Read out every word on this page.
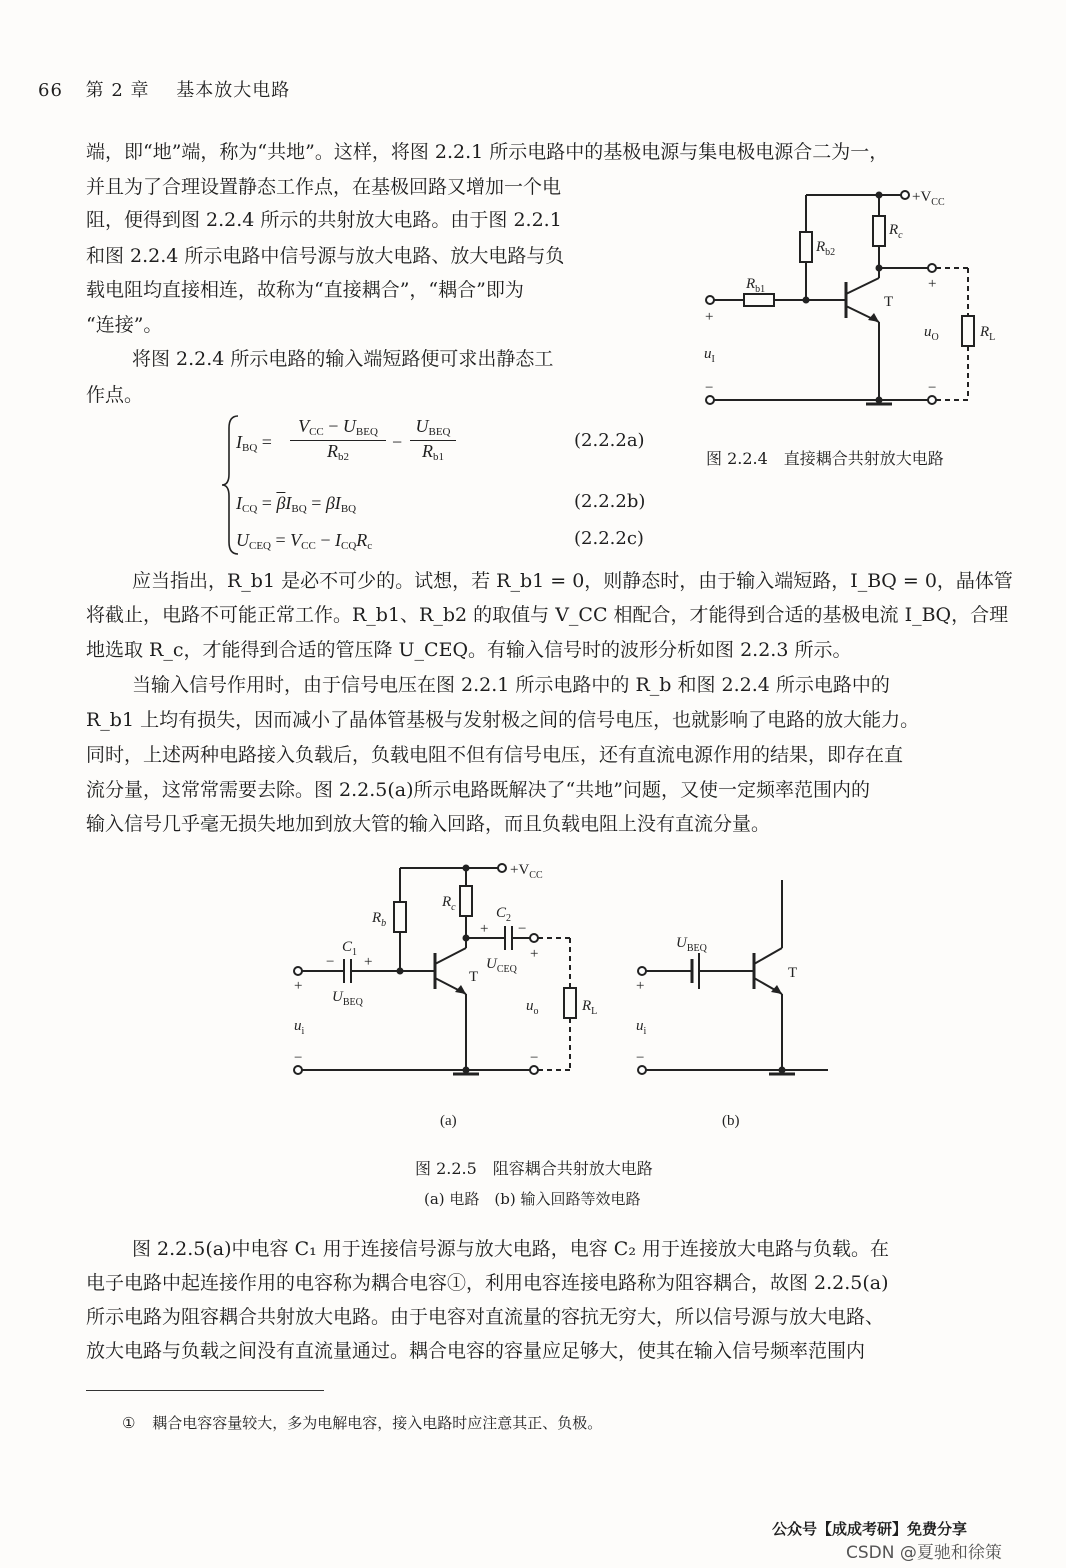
66 第 2 章 基本放大电路
端，即“地”端，称为“共地”。这样，将图 2.2.1 所示电路中的基极电源与集电极电源合二为一，
并且为了合理设置静态工作点，在基极回路又增加一个电
阻，便得到图 2.2.4 所示的共射放大电路。由于图 2.2.1
和图 2.2.4 所示电路中信号源与放大电路、放大电路与负
载电阻均直接相连，故称为“直接耦合”，“耦合”即为
“连接”。
将图 2.2.4 所示电路的输入端短路便可求出静态工
作点。
$+V_{CC}$
$R_{b2}$
$R_c$
$R_{b1}$
T
$R_L$
$u_I$
$u_O$
+
+
−	−
图 2.2.4　直接耦合共射放大电路
$I_{BQ}$ =
$V_{CC} - U_{BEQ}$
$R_{b2}$
−
$U_{BEQ}$
$R_{b1}$
(2.2.2a)
$I_{CQ} = \overline{\beta}I_{BQ} = \beta I_{BQ}$	(2.2.2b)
$U_{CEQ} = V_{CC} - I_{CQ}R_c$	(2.2.2c)
应当指出，R_b1 是必不可少的。试想，若 R_b1 = 0，则静态时，由于输入端短路，I_BQ = 0，晶体管
将截止，电路不可能正常工作。R_b1、R_b2 的取值与 V_CC 相配合，才能得到合适的基极电流 I_BQ，合理
地选取 R_c，才能得到合适的管压降 U_CEQ。有输入信号时的波形分析如图 2.2.3 所示。
当输入信号作用时，由于信号电压在图 2.2.1 所示电路中的 R_b 和图 2.2.4 所示电路中的
R_b1 上均有损失，因而减小了晶体管基极与发射极之间的信号电压，也就影响了电路的放大能力。
同时，上述两种电路接入负载后，负载电阻不但有信号电压，还有直流电源作用的结果，即存在直
流分量，这常常需要去除。图 2.2.5(a)所示电路既解决了“共地”问题，又使一定频率范围内的
输入信号几乎毫无损失地加到放大管的输入回路，而且负载电阻上没有直流分量。
$+V_{CC}$
$R_b$
$R_c$
$C_1$
$C_2$
$U_{BEQ}$
$U_{CEQ}$
T
$R_L$
$u_i$
$u_o$
+
−
+
−
− +
+ −
$U_{BEQ}$
T
+
$u_i$
−
(a)	(b)
图 2.2.5　阻容耦合共射放大电路
(a) 电路　(b) 输入回路等效电路
图 2.2.5(a)中电容 C₁ 用于连接信号源与放大电路，电容 C₂ 用于连接放大电路与负载。在
电子电路中起连接作用的电容称为耦合电容①，利用电容连接电路称为阻容耦合，故图 2.2.5(a)
所示电路为阻容耦合共射放大电路。由于电容对直流量的容抗无穷大，所以信号源与放大电路、
放大电路与负载之间没有直流量通过。耦合电容的容量应足够大，使其在输入信号频率范围内
① 耦合电容容量较大，多为电解电容，接入电路时应注意其正、负极。
公众号【成成考研】免费分享
CSDN @夏驰和徐策
